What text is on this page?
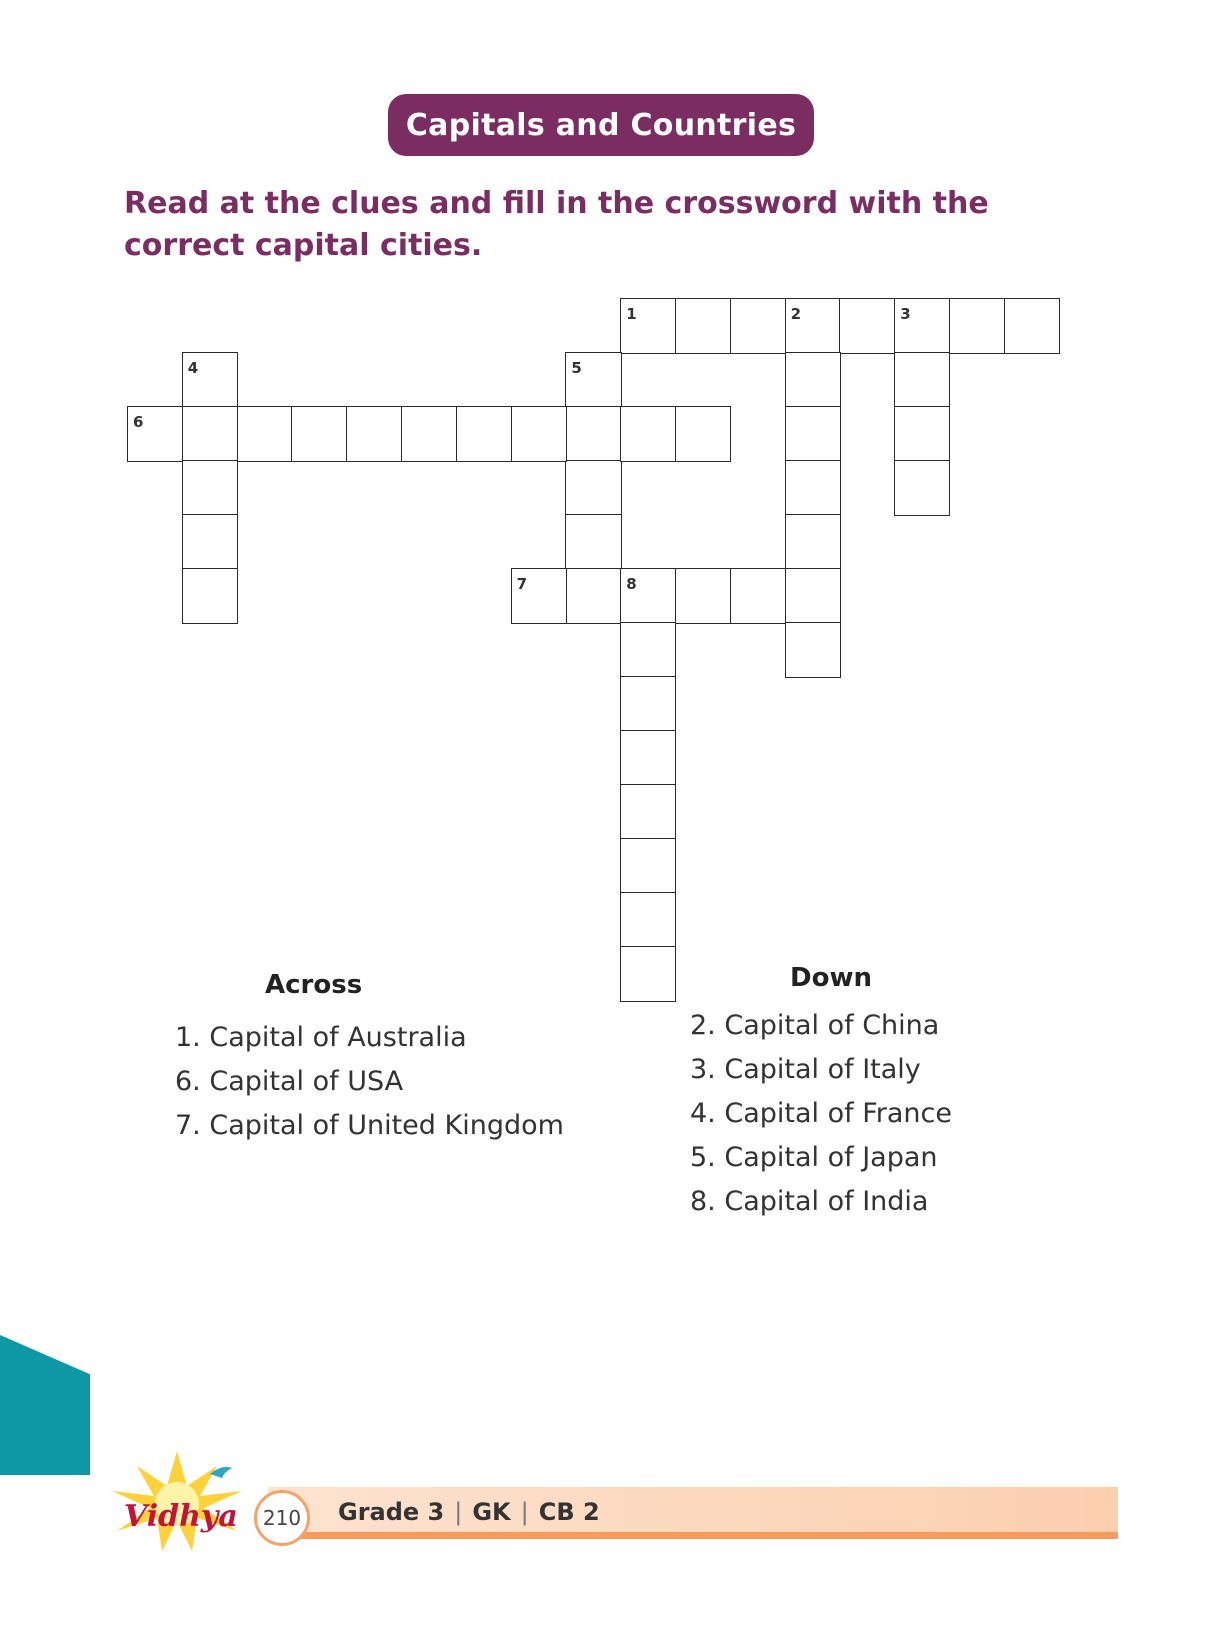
Capitals and Countries
Read at the clues and fill in the crossword with the correct capital cities.
1	2	3
4	5
6
7	8
Across
1. Capital of Australia
6. Capital of USA
7. Capital of United Kingdom
Down
2. Capital of China
3. Capital of Italy
4. Capital of France
5. Capital of Japan
8. Capital of India
Vidhya	210	Grade 3 | GK | CB 2
